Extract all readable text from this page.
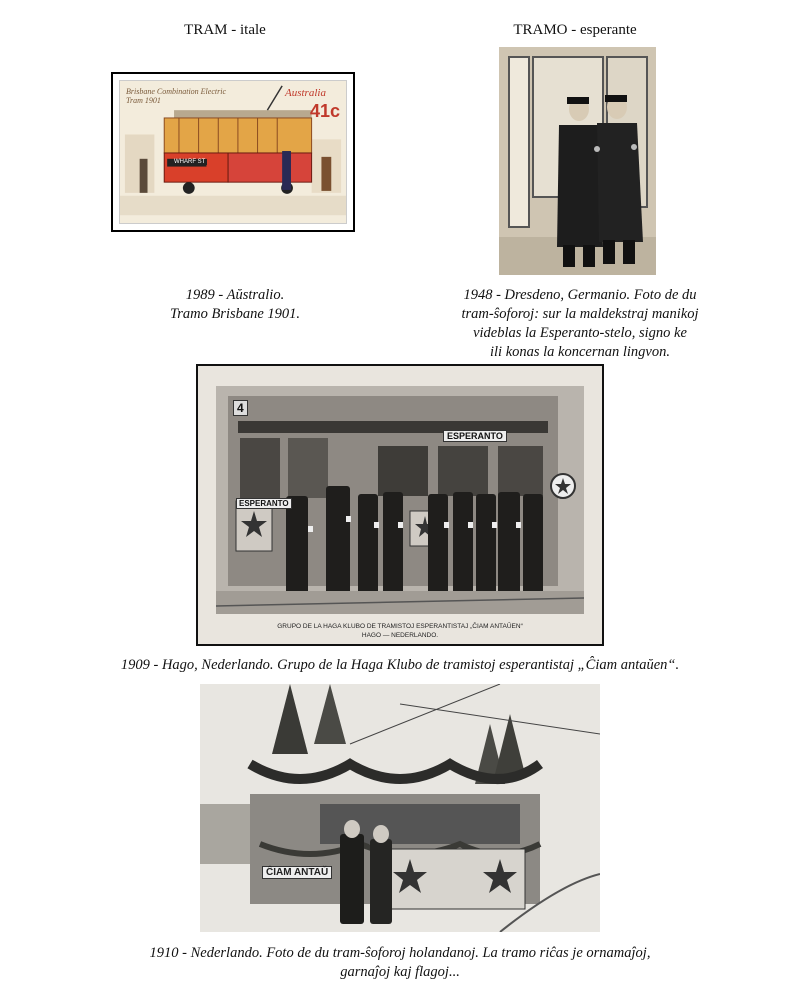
TRAM - itale	TRAMO - esperante
Brisbane Combination Electric
Tram 1901
Australia
41c
WHARF ST
1989 - Aŭstralio.
Tramo Brisbane 1901.
1948 - Dresdeno, Germanio. Foto de du
tram-ŝoforoj: sur la maldekstraj manikoj
videblas la Esperanto-stelo, signo ke
ili konas la koncernan lingvon.
4
ESPERANTO
ESPERANTO
GRUPO DE LA HAGA KLUBO DE TRAMISTOJ ESPERANTISTAJ „ĈIAM ANTAŬEN“
HAGO — NEDERLANDO.
1909 - Hago, Nederlando. Grupo de la Haga Klubo de tramistoj esperantistaj „Ĉiam antaŭen“.
ĈIAM ANTAŬ
1910 - Nederlando. Foto de du tram-ŝoforoj holandanoj. La tramo riĉas je ornamaĵoj,
garnaĵoj kaj flagoj...
